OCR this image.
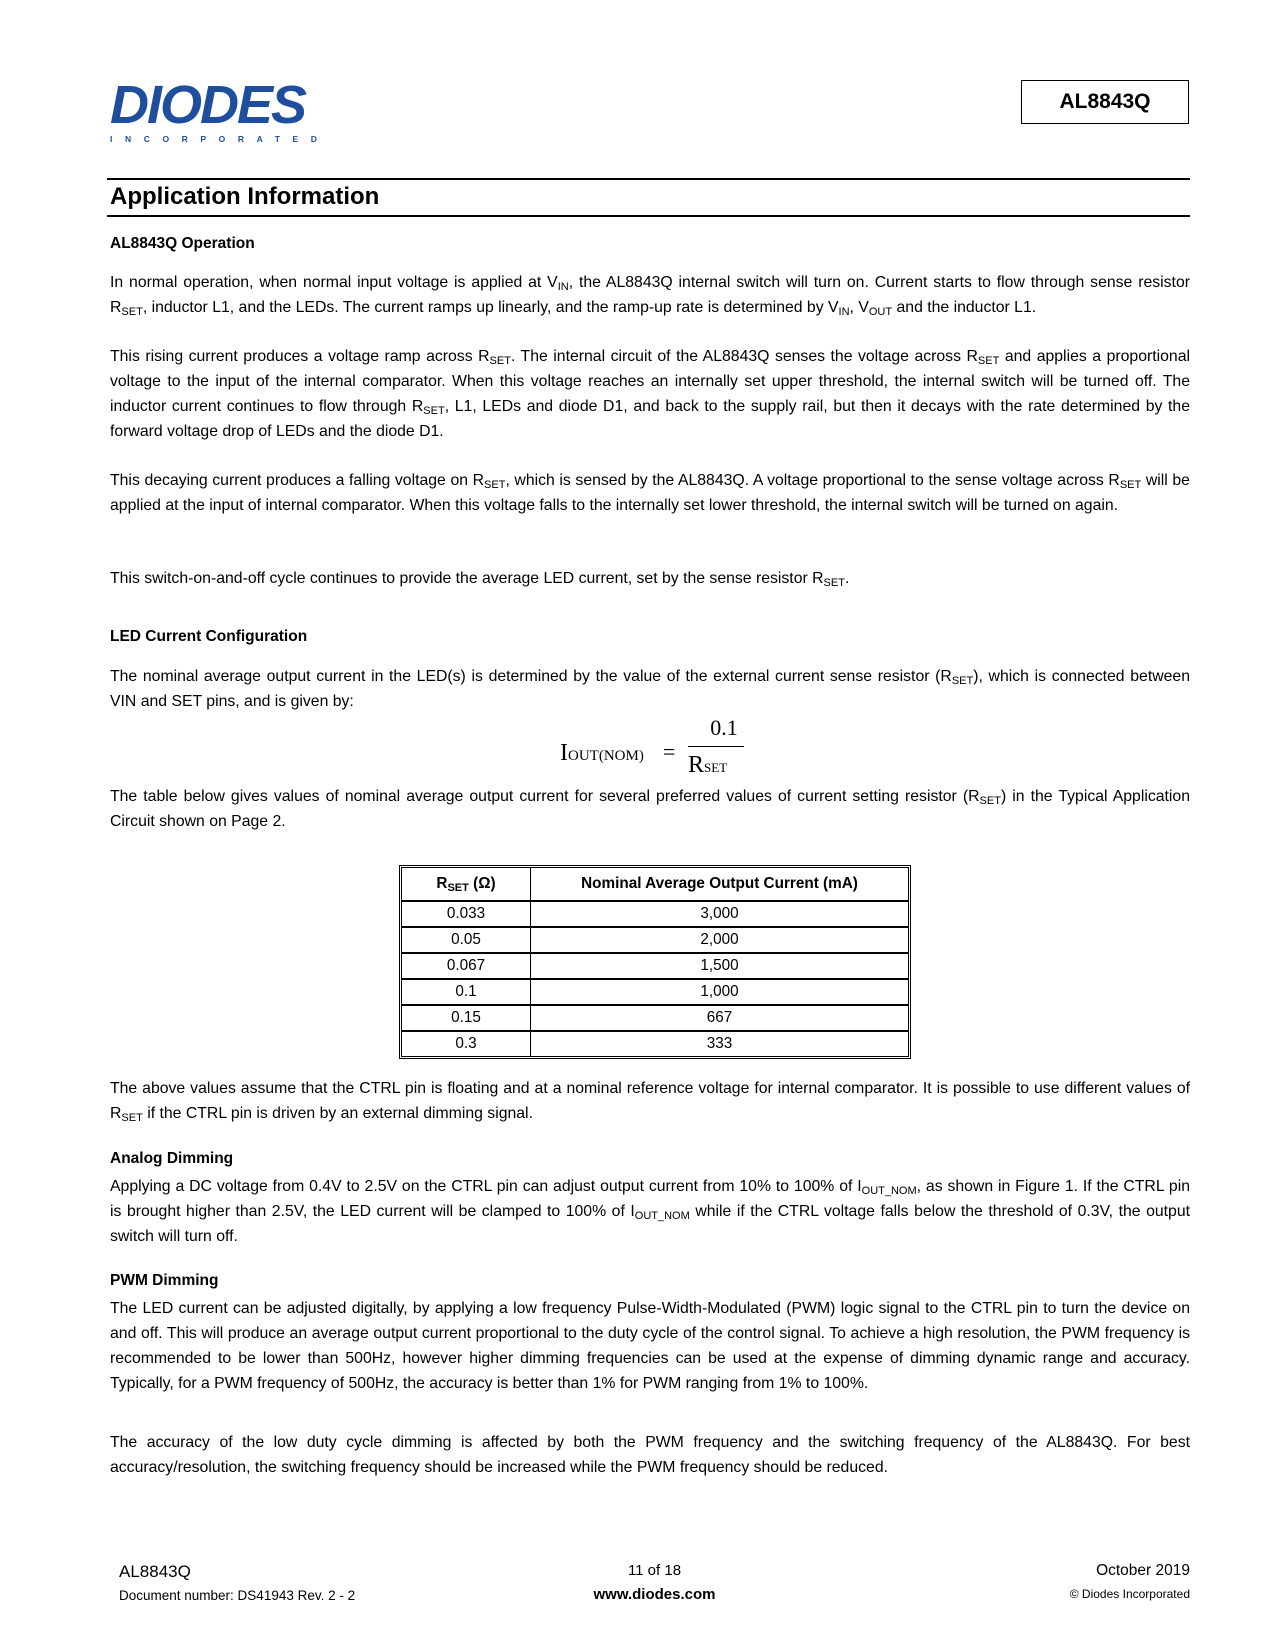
DIODES
INCORPORATED
AL8843Q
Application Information
AL8843Q Operation
In normal operation, when normal input voltage is applied at $V_{IN}$, the AL8843Q internal switch will turn on. Current starts to flow through sense resistor $R_{SET}$, inductor L1, and the LEDs. The current ramps up linearly, and the ramp-up rate is determined by $V_{IN}$, $V_{OUT}$ and the inductor L1.
This rising current produces a voltage ramp across $R_{SET}$. The internal circuit of the AL8843Q senses the voltage across $R_{SET}$ and applies a proportional voltage to the input of the internal comparator. When this voltage reaches an internally set upper threshold, the internal switch will be turned off. The inductor current continues to flow through $R_{SET}$, L1, LEDs and diode D1, and back to the supply rail, but then it decays with the rate determined by the forward voltage drop of LEDs and the diode D1.
This decaying current produces a falling voltage on $R_{SET}$, which is sensed by the AL8843Q. A voltage proportional to the sense voltage across $R_{SET}$ will be applied at the input of internal comparator. When this voltage falls to the internally set lower threshold, the internal switch will be turned on again.
This switch-on-and-off cycle continues to provide the average LED current, set by the sense resistor $R_{SET}$.
LED Current Configuration
The nominal average output current in the LED(s) is determined by the value of the external current sense resistor $(R_{SET})$, which is connected between VIN and SET pins, and is given by:
IOUT(NOM) =
0.1
RSET
The table below gives values of nominal average output current for several preferred values of current setting resistor $(R_{SET})$ in the Typical Application Circuit shown on Page 2.
$R_{SET}$ (Ω)	Nominal Average Output Current (mA)
0.033	3,000
0.05	2,000
0.067	1,500
0.1	1,000
0.15	667
0.3	333
The above values assume that the CTRL pin is floating and at a nominal reference voltage for internal comparator. It is possible to use different values of $R_{SET}$ if the CTRL pin is driven by an external dimming signal.
Analog Dimming
Applying a DC voltage from 0.4V to 2.5V on the CTRL pin can adjust output current from 10% to 100% of $I_{OUT\_NOM}$, as shown in Figure 1. If the CTRL pin is brought higher than 2.5V, the LED current will be clamped to 100% of $I_{OUT\_NOM}$ while if the CTRL voltage falls below the threshold of 0.3V, the output switch will turn off.
PWM Dimming
The LED current can be adjusted digitally, by applying a low frequency Pulse-Width-Modulated (PWM) logic signal to the CTRL pin to turn the device on and off. This will produce an average output current proportional to the duty cycle of the control signal. To achieve a high resolution, the PWM frequency is recommended to be lower than 500Hz, however higher dimming frequencies can be used at the expense of dimming dynamic range and accuracy. Typically, for a PWM frequency of 500Hz, the accuracy is better than 1% for PWM ranging from 1% to 100%.
The accuracy of the low duty cycle dimming is affected by both the PWM frequency and the switching frequency of the AL8843Q. For best accuracy/resolution, the switching frequency should be increased while the PWM frequency should be reduced.
AL8843Q
Document number: DS41943 Rev. 2 - 2
11 of 18
www.diodes.com
October 2019
© Diodes Incorporated
